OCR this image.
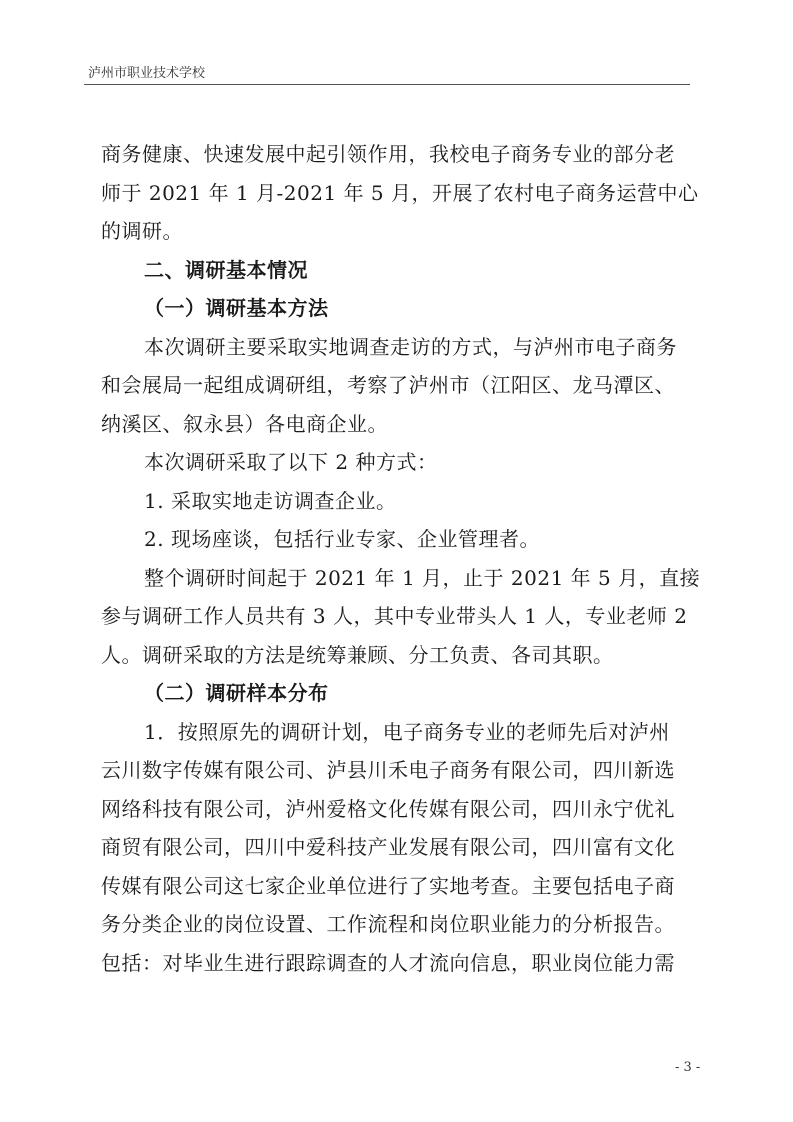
泸州市职业技术学校
商务健康、快速发展中起引领作用，我校电子商务专业的部分老
师于 2021 年 1 月-2021 年 5 月，开展了农村电子商务运营中心
的调研。
二、调研基本情况
（一）调研基本方法
本次调研主要采取实地调查走访的方式，与泸州市电子商务
和会展局一起组成调研组，考察了泸州市（江阳区、龙马潭区、
纳溪区、叙永县）各电商企业。
本次调研采取了以下 2 种方式：
1. 采取实地走访调查企业。
2. 现场座谈，包括行业专家、企业管理者。
整个调研时间起于 2021 年 1 月，止于 2021 年 5 月，直接
参与调研工作人员共有 3 人，其中专业带头人 1 人，专业老师 2
人。调研采取的方法是统筹兼顾、分工负责、各司其职。
（二）调研样本分布
1．按照原先的调研计划，电子商务专业的老师先后对泸州
云川数字传媒有限公司、泸县川禾电子商务有限公司，四川新选
网络科技有限公司，泸州爱格文化传媒有限公司，四川永宁优礼
商贸有限公司，四川中爱科技产业发展有限公司，四川富有文化
传媒有限公司这七家企业单位进行了实地考查。主要包括电子商
务分类企业的岗位设置、工作流程和岗位职业能力的分析报告。
包括：对毕业生进行跟踪调查的人才流向信息，职业岗位能力需
- 3 -
